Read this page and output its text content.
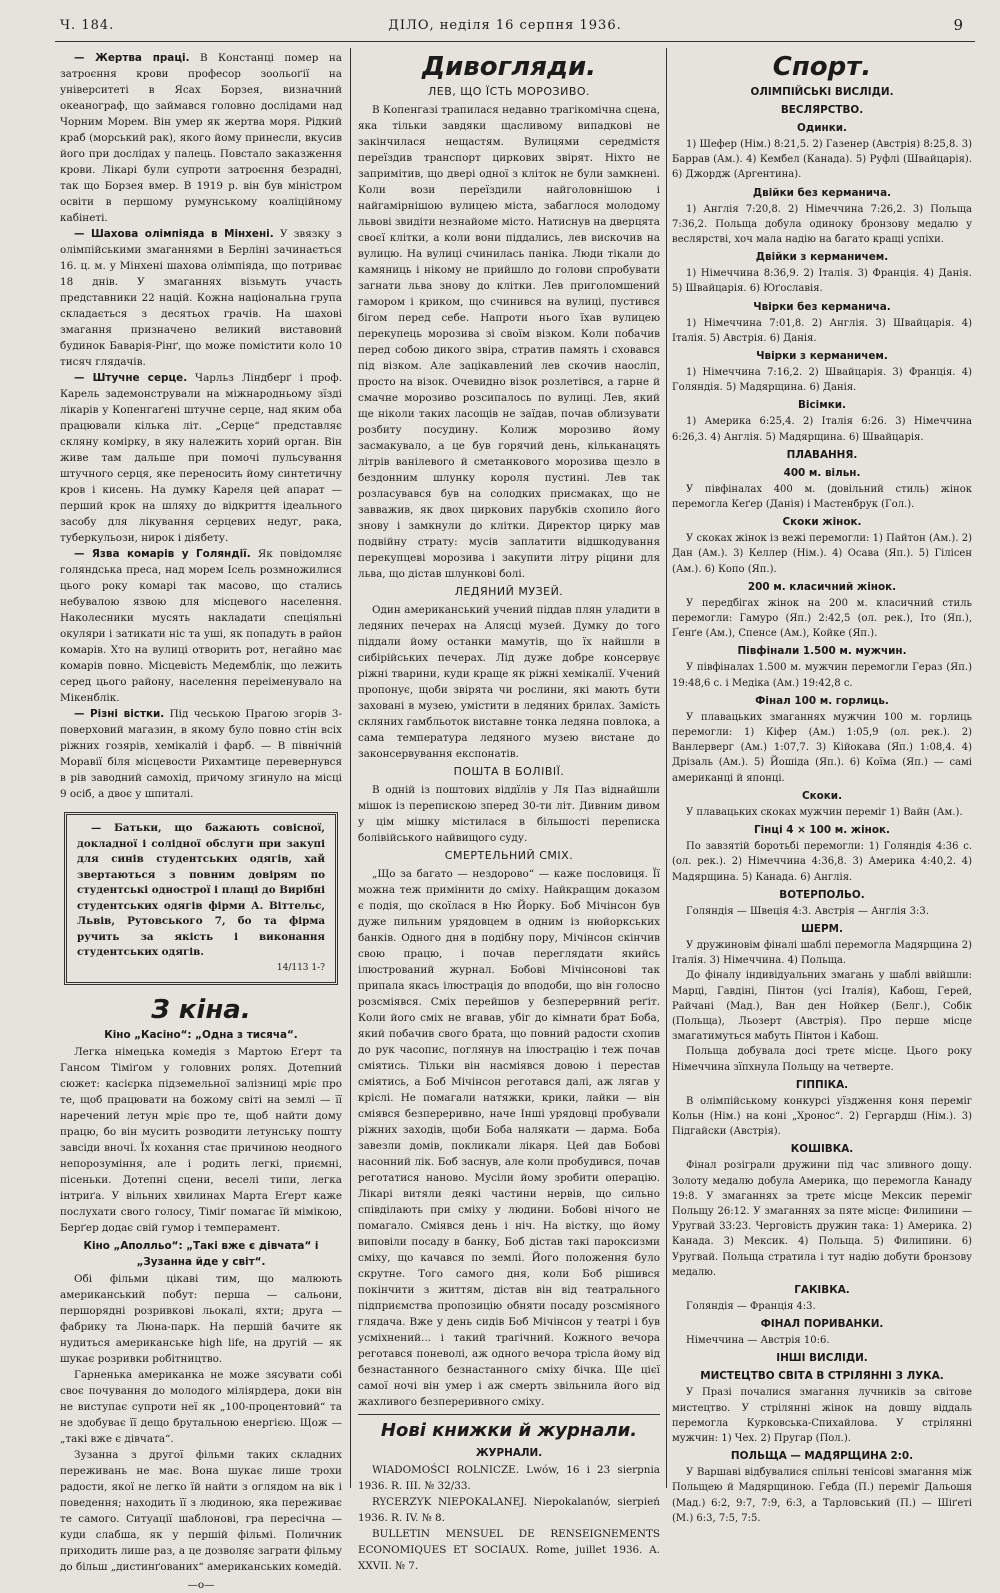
Ч. 184.	ДІЛО, неділя 16 серпня 1936.	9

— Жертва праці. В Констанці помер на затроєння крови професор зоольоґії на університеті в Ясах Борзея, визначний океанограф, що займався головно дослідами над Чорним Морем. Він умер як жертва моря. Рідкий краб (морський рак), якого йому принесли, вкусив його при дослідах у палець. Повстало заказження крови. Лікарі були супроти затроєння безрадні, так що Борзея вмер. В 1919 р. він був міністром освіти в першому румунському коаліційному кабінеті.

— Шахова олімпіяда в Мінхені. У звязку з олімпійськими змаганнями в Берліні зачинається 16. ц. м. у Мінхені шахова олімпіяда, що потриває 18 днів. У змаганнях візьмуть участь представники 22 націй. Кожна національна група складається з десятьох грачів. На шахові змагання призначено великий виставовий будинок Баварія-Рінґ, що може помістити коло 10 тисяч глядачів.

— Штучне серце. Чарльз Ліндберґ і проф. Карель задемонстрували на міжнародньому зїзді лікарів у Копенгаґені штучне серце, над яким оба працювали кілька літ. „Серце“ представляє скляну комірку, в яку належить хорий орган. Він живе там дальше при помочі пульсування штучного серця, яке переносить йому синтетичну кров і кисень. На думку Кареля цей апарат — перший крок на шляху до відкриття ідеального засобу для лікування серцевих недуг, рака, туберкульози, нирок і діябету.

— Язва комарів у Голяндії. Як повідомляє голяндська преса, над морем Ісель розмножилися цього року комарі так масово, що стались небувалою язвою для місцевого населення. Наколесники мусять накладати спеціяльні окуляри і затикати ніс та уші, як попадуть в район комарів. Хто на вулиці отворить рот, негайно має комарів повно. Місцевість Медемблік, що лежить серед цього району, населення переіменувало на Мікенблік.

— Різні вістки. Під чеською Прагою згорів 3-поверховий магазин, в якому було повно стін всіх ріжних гозярів, хемікалій і фарб. — В північній Моравії біля місцевости Рихамтице перевернувся в рів заводний самохід, причому згинуло на місці 9 осіб, а двоє у шпиталі.

— Батьки, що бажають совісної, докладної і солідної обслуги при закупі для синів студентських одягів, хай звертаються з повним довірям по студентські однострої і плащі до Вирібні студентських одягів фірми А. Віттельс, Львів, Рутовського 7, бо та фірма ручить за якість і виконання студентських одягів.

14/113 1-?
З кіна.
Кіно „Касіно“: „Одна з тисяча“.

Легка німецька комедія з Мартою Еґерт та Гансом Тіміґом у головних ролях. Дотепний сюжет: касієрка підземельної залізниці мріє про те, щоб працювати на божому світі на землі — її наречений летун мріє про те, щоб найти дому працю, бо він мусить розводити летунську пошту завсіди вночі. Їх кохання стає причиною неодного непорозуміння, але і родить легкі, приємні, пісеньки. Дотепні сцени, веселі типи, легка інтриґа. У вільних хвилинах Марта Еґерт каже послухати свого голосу, Тіміґ помагає їй мімікою, Берґер додає свій гумор і темперамент.

Кіно „Аполльо“: „Такі вже є дівчата“ і „Зузанна йде у світ“.

Обі фільми цікаві тим, що малюють американський побут: перша — сальони, першорядні розривкові льокалі, яхти; друга — фабрику та Люна-парк. На першій бачите як нудиться американське high life, на другій — як шукає розривки робітництво.

Гарненька американка не може зясувати собі своє почування до молодого міліярдера, доки він не виступає супроти неї як „100-процентовий“ та не здобуває її дещо брутальною енергією. Щож — „такі вже є дівчата“.

Зузанна з другої фільми таких складних переживань не має. Вона шукає лише трохи радости, якої не легко їй найти з оглядом на вік і поведення; находить її з людиною, яка переживає те самого. Ситуації шаблоновi, гра пересічна — куди слабша, як у першій фільмі. Поличник приходить лише раз, а це дозволяє заграти фільму до більш „дистинґованих“ американських комедій.

—о—
Дивогляди.
ЛЕВ, ЩО ЇСТЬ МОРОЗИВО.

В Копенгазі трапилася недавно трагікомічна сцена, яка тільки завдяки щасливому випадкові не закінчилася нещастям. Вулицями середмістя переїздив транспорт циркових звірят. Ніхто не запримітив, що двері одної з кліток не були замкнені. Коли вози переїздили найголовнішою і найгамірнішою вулицею міста, забаглося молодому львові звидіти незнайоме місто. Натиснув на дверцята своєї клітки, а коли вони піддались, лев вискочив на вулицю. На вулиці счинилась паніка. Люди тікали до камяниць і нікому не прийшло до голови спробувати загнати льва знову до клітки. Лев приголомшений гамором і криком, що счинився на вулиці, пустився бігом перед себе. Напроти нього їхав вулицею перекупець морозива зі своїм візком. Коли побачив перед собою дикого звіра, стратив память і сховався під візком. Але зацікавлений лев скочив наосліп, просто на візок. Очевидно візок розлетівся, а гарне й смачне морозиво розсипалось по вулиці. Лев, який ще ніколи таких ласощів не заїдав, почав облизувати розбиту посудину. Колиж морозиво йому засмакувало, а це був горячий день, кільканацять літрів ванілевого й сметанкового морозива щезло в бездонним шлунку короля пустині. Лев так розласувався був на солодких присмаках, що не завважив, як двох циркових парубків схопило його знову і замкнули до клітки. Директор цирку мав подвійну страту: мусів заплатити відшкодування перекупцеві морозива і закупити літру ріцини для льва, що дістав шлункові болі.

ЛЕДЯНИЙ МУЗЕЙ.

Один американський учений піддав плян уладити в ледяних печерах на Алясці музей. Думку до того піддали йому останки мамутів, що їх найшли в сибірійських печерах. Лід дуже добре консервує ріжні тварини, куди краще як ріжні хемікалії. Учений пропонує, щоби звірята чи рослини, які мають бути заховані в музею, умістити в ледяних брилах. Замість скляних гамбльоток виставне тонка ледяна повлока, а сама температура ледяного музею вистане до законсервування експонатів.

ПОШТА В БОЛІВІЇ.

В одній із поштових віддїлів у Ля Паз віднайшли мішок із перепискою зперед 30-ти літ. Дивним дивом у цім мішку містилася в більшості переписка болівійського найвищого суду.

СМЕРТЕЛЬНИЙ СМІХ.

„Що за багато — нездорово“ — каже пословиця. Її можна теж примінити до сміху. Найкращим доказом є подія, що скоїлася в Ню Йорку. Боб Мічінсон був дуже пильним урядовцем в одним із нюйоркських банків. Одного дня в подібну пору, Мічінсон скінчив свою працю, і почав переглядати якийсь ілюстрований журнал. Бобові Мічінсонові так припала якась ілюстрація до вподоби, що він голосно розсміявся. Сміх перейшов у безперервний реґіт. Коли його сміх не вгавав, убіг до кімнати брат Боба, який побачив свого брата, що повний радости схопив до рук часопис, поглянув на ілюстрацію і теж почав сміятись. Тільки він насміявся довою і перестав сміятись, а Боб Мічінсон реготався далі, аж лягав у кріслі. Не помагали натяжки, крики, лайки — він сміявся безпереривно, наче Інші урядовці пробували ріжних заходів, щоби Боба налякати — дарма. Боба завезли домів, покликали лікаря. Цей дав Бобові насонний лік. Боб заснув, але коли пробудився, почав реготатися наново. Мусіли йому зробити операцію. Лікарі витяли деякі частини нервів, що сильно співділають при сміху у людини. Бобові нічого не помагало. Сміявся день і ніч. На вістку, що йому виповіли посаду в банку, Боб дістав такі пароксизми сміху, що качався по землі. Його положення було скрутне. Того самого дня, коли Боб рішився покінчити з життям, дістав він від театрального підприємства пропозицію обняти посаду розсміяного глядача. Вже у день сидів Боб Мічінсон у театрі і був усміхнений... і такий трагічний. Кожного вечора реготався поневолі, аж одного вечора трісла йому від безнастанного безнастанного сміху бічка. Ще цієї самої ночі він умер і аж смерть звільнила його від жахливого безпереривного сміху.

Нові книжки й журнали.
ЖУРНАЛИ.

WIADOMOŚCI ROLNICZE. Lwów, 16 і 23 sierpnia 1936. R. III. № 32/33.

RYCERZYK NIEPOKALANEJ. Niepokalanów, sierpień 1936. R. IV. № 8.

BULLETIN MENSUEL DE RENSEIGNEMENTS ECONOMIQUES ET SOCIAUX. Rome, juillet 1936. A. XXVII. № 7.

Спорт.
ОЛІМПІЙСЬКІ ВИСЛІДИ.
ВЕСЛЯРСТВО.
Одинки.

1) Шефер (Нім.) 8:21,5. 2) Газенер (Австрія) 8:25,8. 3) Баррав (Ам.). 4) Кембел (Канада). 5) Руфлі (Швайцарія). 6) Джордж (Аргентина).

Двійки без керманича.

1) Англія 7:20,8. 2) Німеччина 7:26,2. 3) Польща 7:36,2. Польща добула одинокy бронзову медалю у веслярстві, хоч мала надію на багато кращі успіхи.

Двійки з керманичем.

1) Німеччина 8:36,9. 2) Італія. 3) Франція. 4) Данія. 5) Швайцарія. 6) Юґославія.

Чвірки без керманича.

1) Німеччина 7:01,8. 2) Англія. 3) Швайцарія. 4) Італія. 5) Австрія. 6) Данія.

Чвірки з керманичем.

1) Німеччина 7:16,2. 2) Швайцарія. 3) Франція. 4) Голяндія. 5) Мадярщина. 6) Данія.

Вісімки.

1) Америка 6:25,4. 2) Італія 6:26. 3) Німеччина 6:26,3. 4) Англія. 5) Мадярщина. 6) Швайцарія.

ПЛАВАННЯ.
400 м. вільн.

У півфіналах 400 м. (довільний стиль) жінок перемогла Кеґер (Данія) і Мастенбрук (Гол.).

Скоки жінок.

У скоках жінок із вежі перемогли: 1) Пайтон (Ам.). 2) Дан (Ам.). 3) Келлер (Нім.). 4) Осава (Яп.). 5) Гілісен (Ам.). 6) Копо (Яп.).

200 м. класичний жінок.

У передбігах жінок на 200 м. класичний стиль перемогли: Гамуро (Яп.) 2:42,5 (ол. рек.), Іто (Яп.), Ґенґе (Ам.), Спенсе (Ам.), Койке (Яп.).

Півфінали 1.500 м. мужчин.

У півфіналах 1.500 м. мужчин перемогли Гераз (Яп.) 19:48,6 с. і Медіка (Ам.) 19:42,8 с.

Фінал 100 м. горлиць.

У плавацьких змаганнях мужчин 100 м. горлиць перемогли: 1) Кіфер (Ам.) 1:05,9 (ол. рек.). 2) Ванлерверг (Ам.) 1:07,7. 3) Кійокава (Яп.) 1:08,4. 4) Дрізаль (Ам.). 5) Йошіда (Яп.). 6) Коїма (Яп.) — самі американці й японці.

Скоки.

У плавацьких скоках мужчин переміг 1) Вайн (Ам.).

Гінці 4 × 100 м. жінок.

По завзятій боротьбі перемогли: 1) Голяндія 4:36 с. (ол. рек.). 2) Німеччина 4:36,8. 3) Америка 4:40,2. 4) Мадярщина. 5) Канада. 6) Англія.

ВОТЕРПОЛЬО.

Голяндія — Швеція 4:3. Австрія — Англія 3:3.

ШЕРМ.

У дружиновім фіналі шаблі перемогла Мадярщина 2) Італія. 3) Німеччина. 4) Польща.

До фіналу індивідуальних змагань у шаблі ввійшли: Марці, Гавдіні, Пінтон (усі Італія), Кабош, Герей, Райчані (Мад.), Ван ден Нойкер (Белг.), Собік (Польща), Льозерт (Австрія). Про перше місце змагатимуться мабуть Пінтон і Кабош.

Польща добувала досі третє місце. Цього року Німеччина зїпхнула Польщу на четверте.

ГІППІКА.

В олімпійському конкурсі уїздження коня переміг Кольн (Нім.) на коні „Хронос“. 2) Гергардш (Нім.). 3) Підгайски (Австрія).

КОШІВКА.

Фінал розіграли дружини під час зливного дощу. Золоту медалю добула Америка, що перемогла Канаду 19:8. У змаганнях за третє місце Мексик переміг Польщу 26:12. У змаганнях за пяте місце: Филипини — Уругвай 33:23. Черговість дружин така: 1) Америка. 2) Канада. 3) Мексик. 4) Польща. 5) Филипини. 6) Уругвай. Польща стратила і тут надію добути бронзову медалю.

ГАКІВКА.

Голяндія — Франція 4:3.

ФІНАЛ ПОРИВАНКИ.

Німеччина — Австрія 10:6.

ІНШІ ВИСЛІДИ.
МИСТЕЦТВО СВІТА В СТРІЛЯННІ З ЛУКА.

У Празі почалися змагання лучників за світове мистецтво. У стрілянні жінок на довшу віддаль перемогла Курковська-Спихайлова. У стрілянні мужчин: 1) Чех. 2) Пругар (Пол.).

ПОЛЬЩА — МАДЯРЩИНА 2:0.

У Варшаві відбувалися спільні тенісові змагання між Польщею й Мадярщиною. Гебда (П.) переміг Дальошя (Мад.) 6:2, 9:7, 7:9, 6:3, а Тарловський (П.) — Шіґеті (М.) 6:3, 7:5, 7:5.
